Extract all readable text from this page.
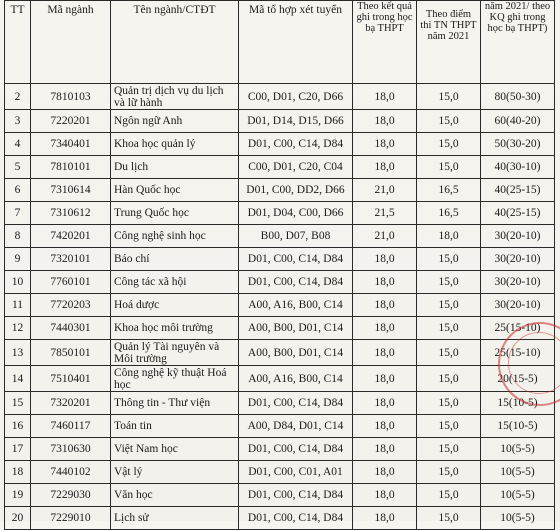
TT	Mã ngành	Tên ngành/CTĐT	Mã tổ hợp xét tuyển	Theo kết quả ghi trong học bạ THPT	Theo điểm thi TN THPT năm 2021	năm 2021/ theo KQ ghi trong học bạ THPT)
2	7810103	Quản trị dịch vụ du lịch và lữ hành	C00, D01, C20, D66	18,0	15,0	80(50-30)
3	7220201	Ngôn ngữ Anh	D01, D14, D15, D66	18,0	15,0	60(40-20)
4	7340401	Khoa học quản lý	D01, C00, C14, D84	18,0	15,0	50(30-20)
5	7810101	Du lịch	C00, D01, C20, C04	18,0	15,0	40(30-10)
6	7310614	Hàn Quốc học	D01, C00, DD2, D66	21,0	16,5	40(25-15)
7	7310612	Trung Quốc học	D01, D04, C00, D66	21,5	16,5	40(25-15)
8	7420201	Công nghệ sinh học	B00, D07, B08	21,0	18,0	30(20-10)
9	7320101	Báo chí	D01, C00, C14, D84	18,0	15,0	30(20-10)
10	7760101	Công tác xã hội	D01, C00, C14, D84	18,0	15,0	30(20-10)
11	7720203	Hoá dược	A00, A16, B00, C14	18,0	15,0	30(20-10)
12	7440301	Khoa học môi trường	A00, B00, D01, C14	18,0	15,0	25(15-10)
13	7850101	Quản lý Tài nguyên và Môi trường	A00, B00, D01, C14	18,0	15,0	25(15-10)
14	7510401	Công nghệ kỹ thuật Hoá học	A00, A16, B00, C14	18,0	15,0	20(15-5)
15	7320201	Thông tin - Thư viện	D01, C00, C14, D84	18,0	15,0	15(10-5)
16	7460117	Toán tin	A00, D84, D01, C14	18,0	15,0	15(10-5)
17	7310630	Việt Nam học	D01, C00, C14, D84	18,0	15,0	10(5-5)
18	7440102	Vật lý	D01, C00, C01, A01	18,0	15,0	10(5-5)
19	7229030	Văn học	D01, C00, C14, D84	18,0	15,0	10(5-5)
20	7229010	Lịch sử	D01, C00, C14, D84	18,0	15,0	10(5-5)
